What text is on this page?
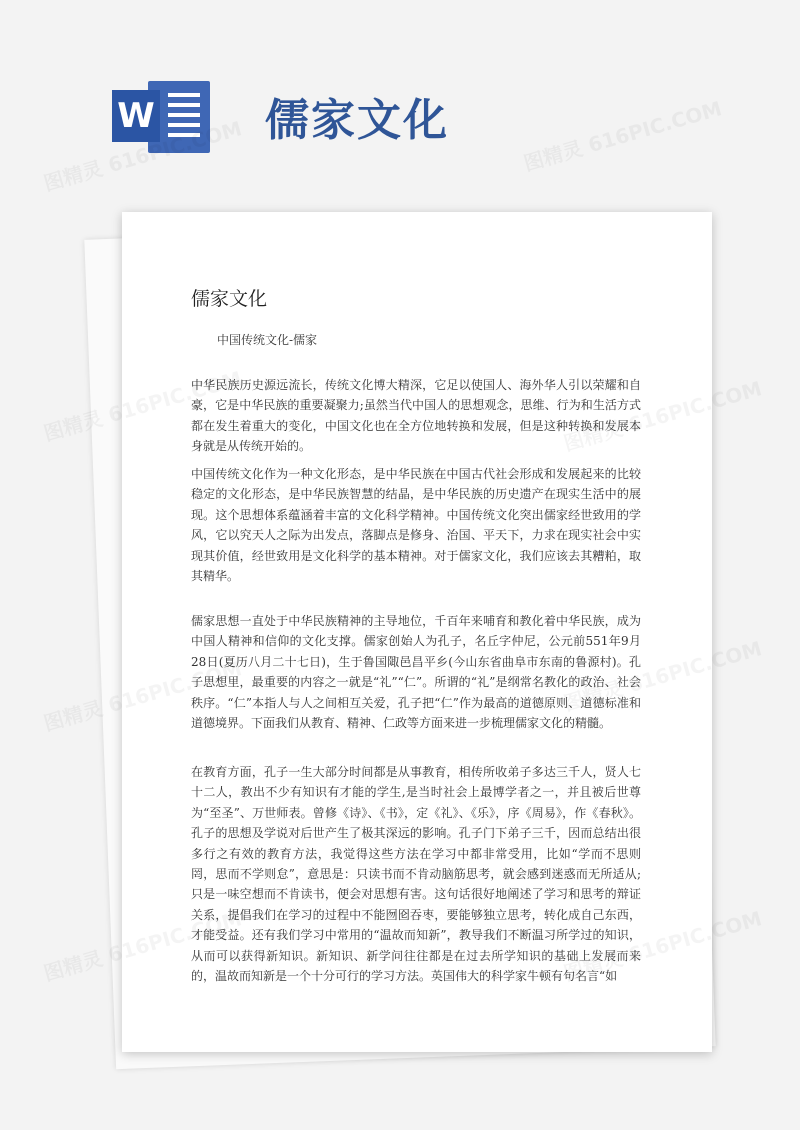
W	儒家文化
儒家文化
中国传统文化-儒家

中华民族历史源远流长，传统文化博大精深，它足以使国人、海外华人引以荣耀和自豪，它是中华民族的重要凝聚力;虽然当代中国人的思想观念，思维、行为和生活方式都在发生着重大的变化，中国文化也在全方位地转换和发展，但是这种转换和发展本身就是从传统开始的。

中国传统文化作为一种文化形态，是中华民族在中国古代社会形成和发展起来的比较稳定的文化形态，是中华民族智慧的结晶，是中华民族的历史遗产在现实生活中的展现。这个思想体系蕴涵着丰富的文化科学精神。中国传统文化突出儒家经世致用的学风，它以究天人之际为出发点，落脚点是修身、治国、平天下，力求在现实社会中实现其价值，经世致用是文化科学的基本精神。对于儒家文化，我们应该去其糟粕，取其精华。

儒家思想一直处于中华民族精神的主导地位，千百年来哺育和教化着中华民族，成为中国人精神和信仰的文化支撑。儒家创始人为孔子，名丘字仲尼，公元前551年9月28日(夏历八月二十七日)，生于鲁国陬邑昌平乡(今山东省曲阜市东南的鲁源村)。孔子思想里，最重要的内容之一就是“礼”“仁”。所谓的“礼”是纲常名教化的政治、社会秩序。“仁”本指人与人之间相互关爱，孔子把“仁”作为最高的道德原则、道德标准和道德境界。下面我们从教育、精神、仁政等方面来进一步梳理儒家文化的精髓。

在教育方面，孔子一生大部分时间都是从事教育，相传所收弟子多达三千人，贤人七十二人，教出不少有知识有才能的学生,是当时社会上最博学者之一，并且被后世尊为“至圣”、万世师表。曾修《诗》、《书》，定《礼》、《乐》，序《周易》，作《春秋》。孔子的思想及学说对后世产生了极其深远的影响。孔子门下弟子三千，因而总结出很多行之有效的教育方法，我觉得这些方法在学习中都非常受用，比如“学而不思则罔，思而不学则怠”，意思是：只读书而不肯动脑筋思考，就会感到迷惑而无所适从;只是一味空想而不肯读书，便会对思想有害。这句话很好地阐述了学习和思考的辩证关系，提倡我们在学习的过程中不能囫囵吞枣，要能够独立思考，转化成自己东西，才能受益。还有我们学习中常用的“温故而知新”，教导我们不断温习所学过的知识，从而可以获得新知识。新知识、新学问往往都是在过去所学知识的基础上发展而来的，温故而知新是一个十分可行的学习方法。英国伟大的科学家牛顿有句名言“如
